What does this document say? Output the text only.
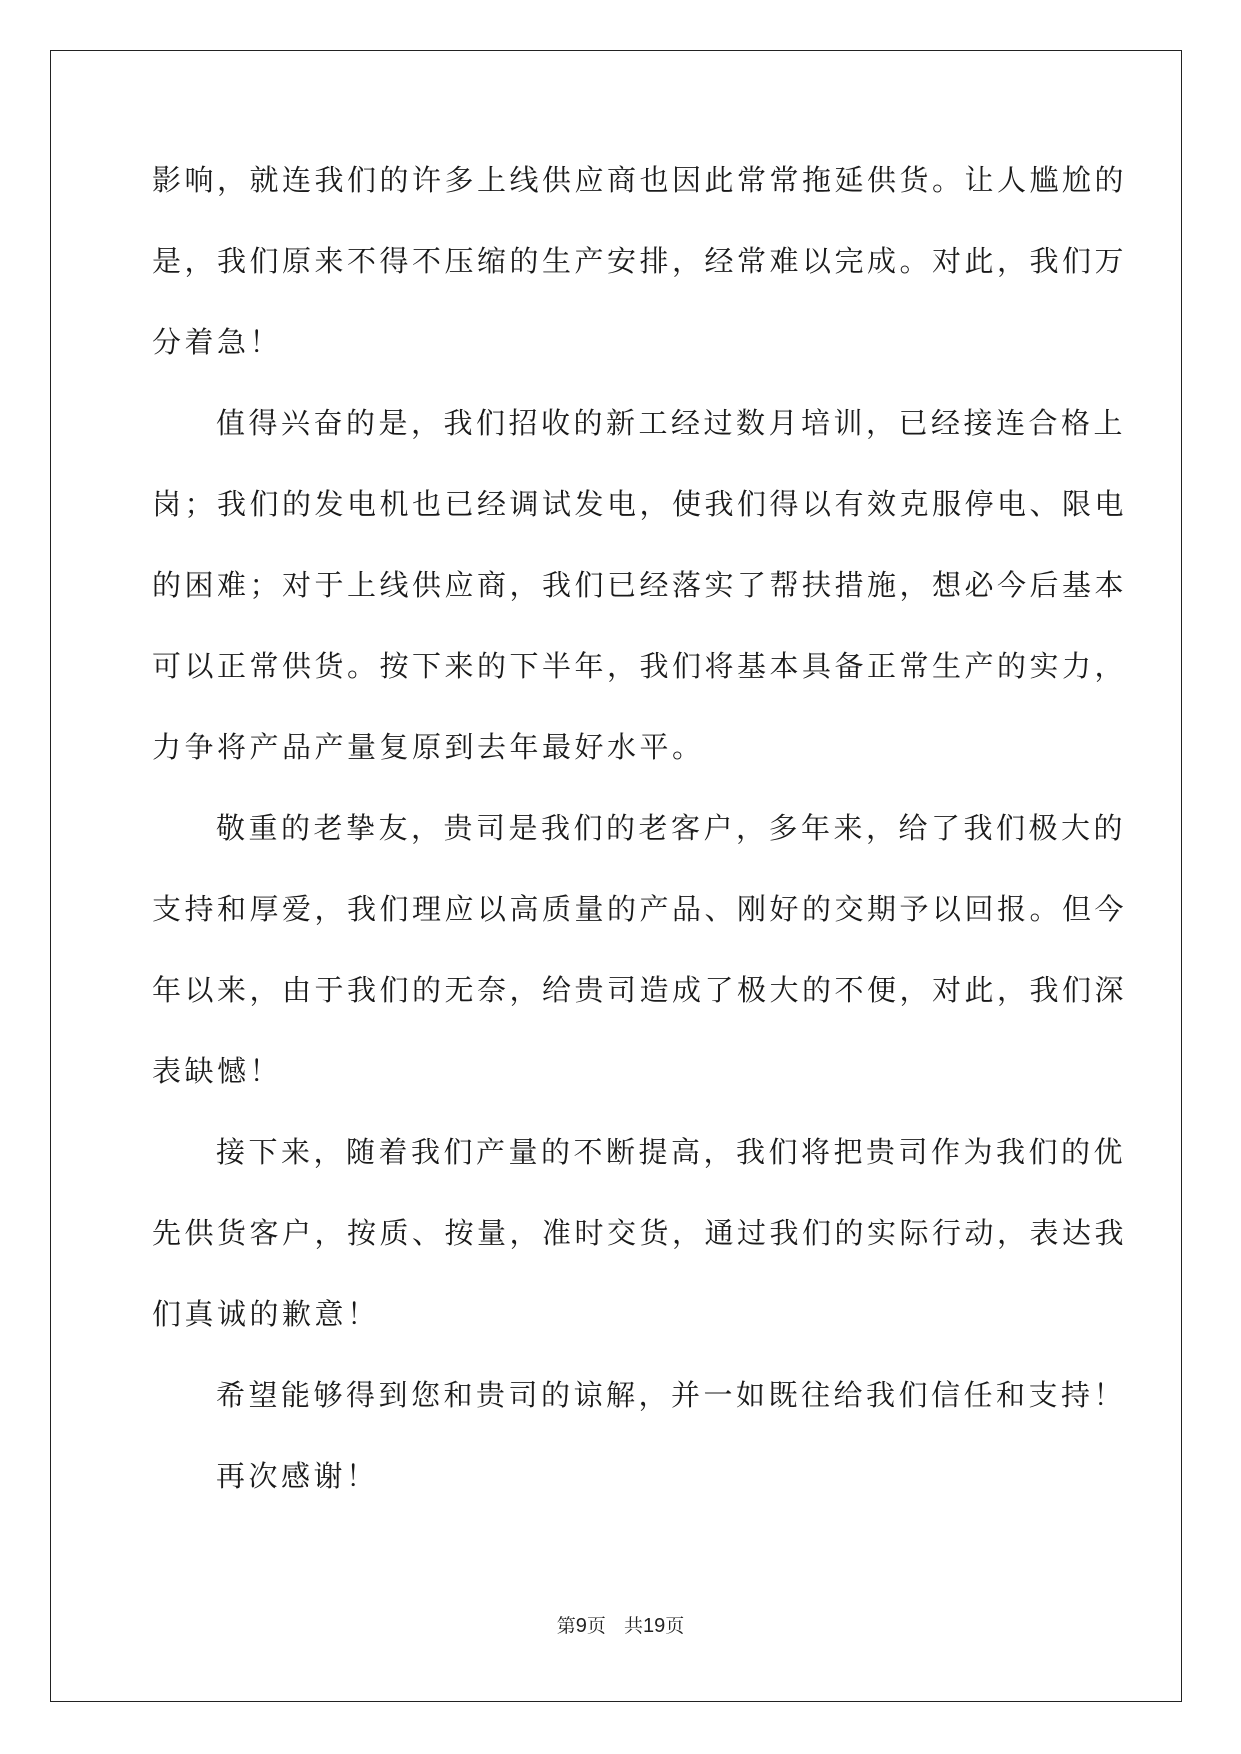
影响，就连我们的许多上线供应商也因此常常拖延供货。让人尴尬的
是，我们原来不得不压缩的生产安排，经常难以完成。对此，我们万
分着急！
值得兴奋的是，我们招收的新工经过数月培训，已经接连合格上
岗；我们的发电机也已经调试发电，使我们得以有效克服停电、限电
的困难；对于上线供应商，我们已经落实了帮扶措施，想必今后基本
可以正常供货。按下来的下半年，我们将基本具备正常生产的实力，
力争将产品产量复原到去年最好水平。
敬重的老挚友，贵司是我们的老客户，多年来，给了我们极大的
支持和厚爱，我们理应以高质量的产品、刚好的交期予以回报。但今
年以来，由于我们的无奈，给贵司造成了极大的不便，对此，我们深
表缺憾！
接下来，随着我们产量的不断提高，我们将把贵司作为我们的优
先供货客户，按质、按量，准时交货，通过我们的实际行动，表达我
们真诚的歉意！
希望能够得到您和贵司的谅解，并一如既往给我们信任和支持！
再次感谢！
第9页 共19页
